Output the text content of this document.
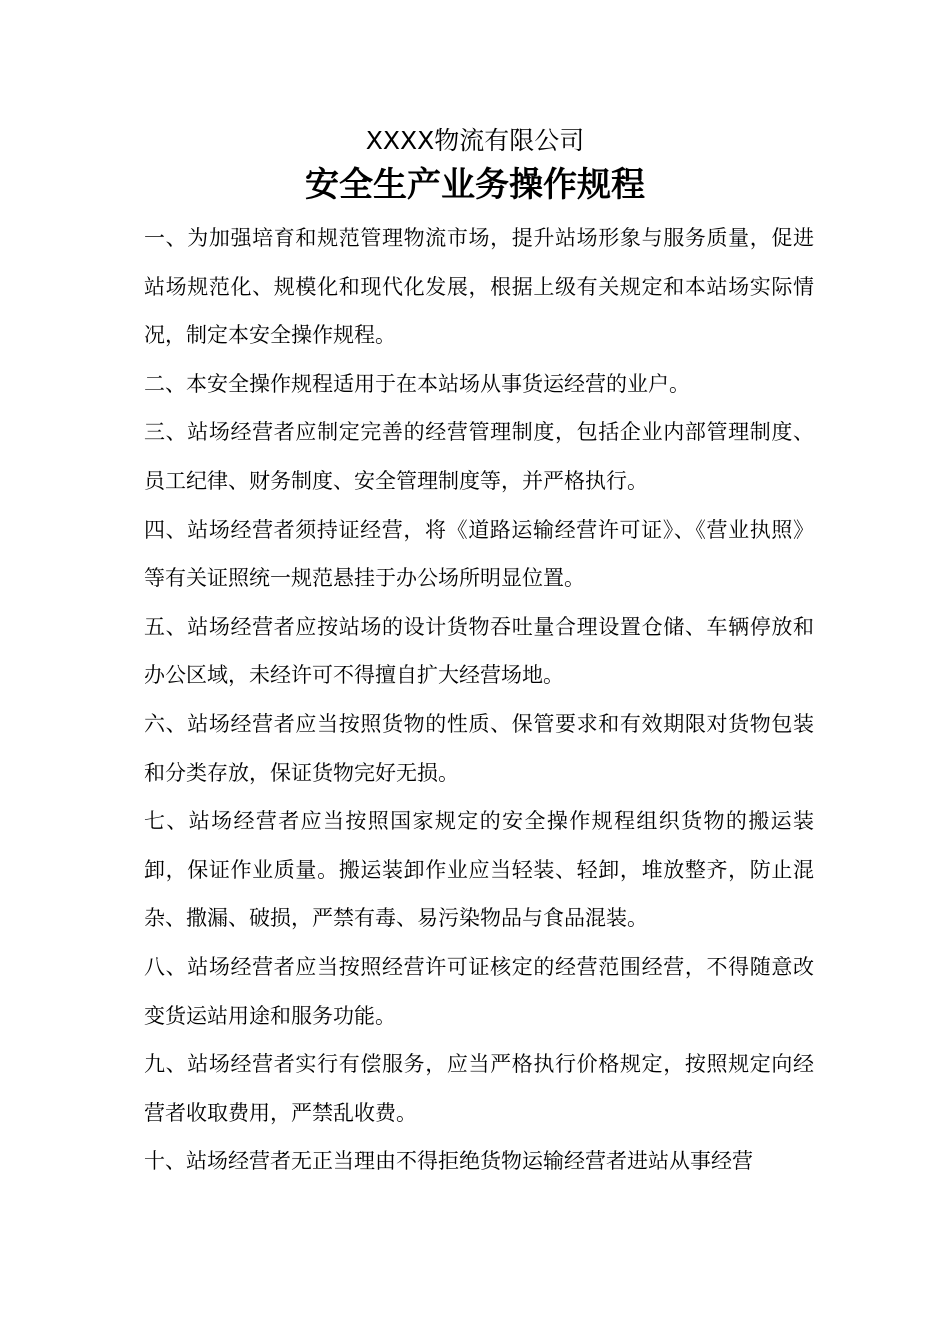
XXXX物流有限公司
安全生产业务操作规程

一、为加强培育和规范管理物流市场，提升站场形象与服务质量，促进站场规范化、规模化和现代化发展，根据上级有关规定和本站场实际情况，制定本安全操作规程。

二、本安全操作规程适用于在本站场从事货运经营的业户。

三、站场经营者应制定完善的经营管理制度，包括企业内部管理制度、员工纪律、财务制度、安全管理制度等，并严格执行。

四、站场经营者须持证经营，将《道路运输经营许可证》、《营业执照》等有关证照统一规范悬挂于办公场所明显位置。

五、站场经营者应按站场的设计货物吞吐量合理设置仓储、车辆停放和办公区域，未经许可不得擅自扩大经营场地。

六、站场经营者应当按照货物的性质、保管要求和有效期限对货物包装和分类存放，保证货物完好无损。

七、站场经营者应当按照国家规定的安全操作规程组织货物的搬运装卸，保证作业质量。搬运装卸作业应当轻装、轻卸，堆放整齐，防止混杂、撒漏、破损，严禁有毒、易污染物品与食品混装。

八、站场经营者应当按照经营许可证核定的经营范围经营，不得随意改变货运站用途和服务功能。

九、站场经营者实行有偿服务，应当严格执行价格规定，按照规定向经营者收取费用，严禁乱收费。

十、站场经营者无正当理由不得拒绝货物运输经营者进站从事经营
